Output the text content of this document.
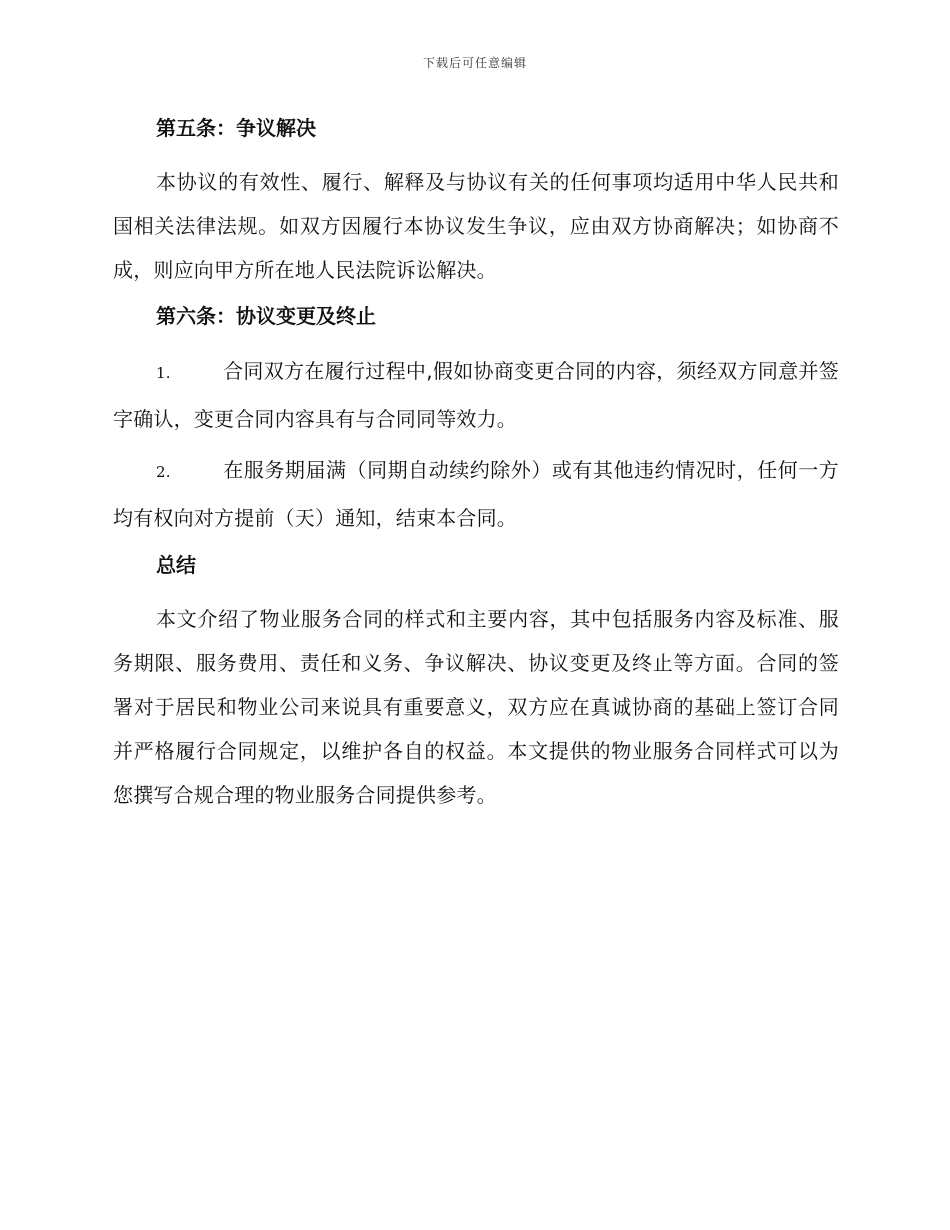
下载后可任意编辑
第五条：争议解决

本协议的有效性、履行、解释及与协议有关的任何事项均适用中华人民共和国相关法律法规。如双方因履行本协议发生争议，应由双方协商解决；如协商不成，则应向甲方所在地人民法院诉讼解决。

第六条：协议变更及终止

1.	合同双方在履行过程中,假如协商变更合同的内容，须经双方同意并签字确认，变更合同内容具有与合同同等效力。

2.	在服务期届满（同期自动续约除外）或有其他违约情况时，任何一方均有权向对方提前（天）通知，结束本合同。

总结

本文介绍了物业服务合同的样式和主要内容，其中包括服务内容及标准、服务期限、服务费用、责任和义务、争议解决、协议变更及终止等方面。合同的签署对于居民和物业公司来说具有重要意义，双方应在真诚协商的基础上签订合同并严格履行合同规定，以维护各自的权益。本文提供的物业服务合同样式可以为您撰写合规合理的物业服务合同提供参考。
